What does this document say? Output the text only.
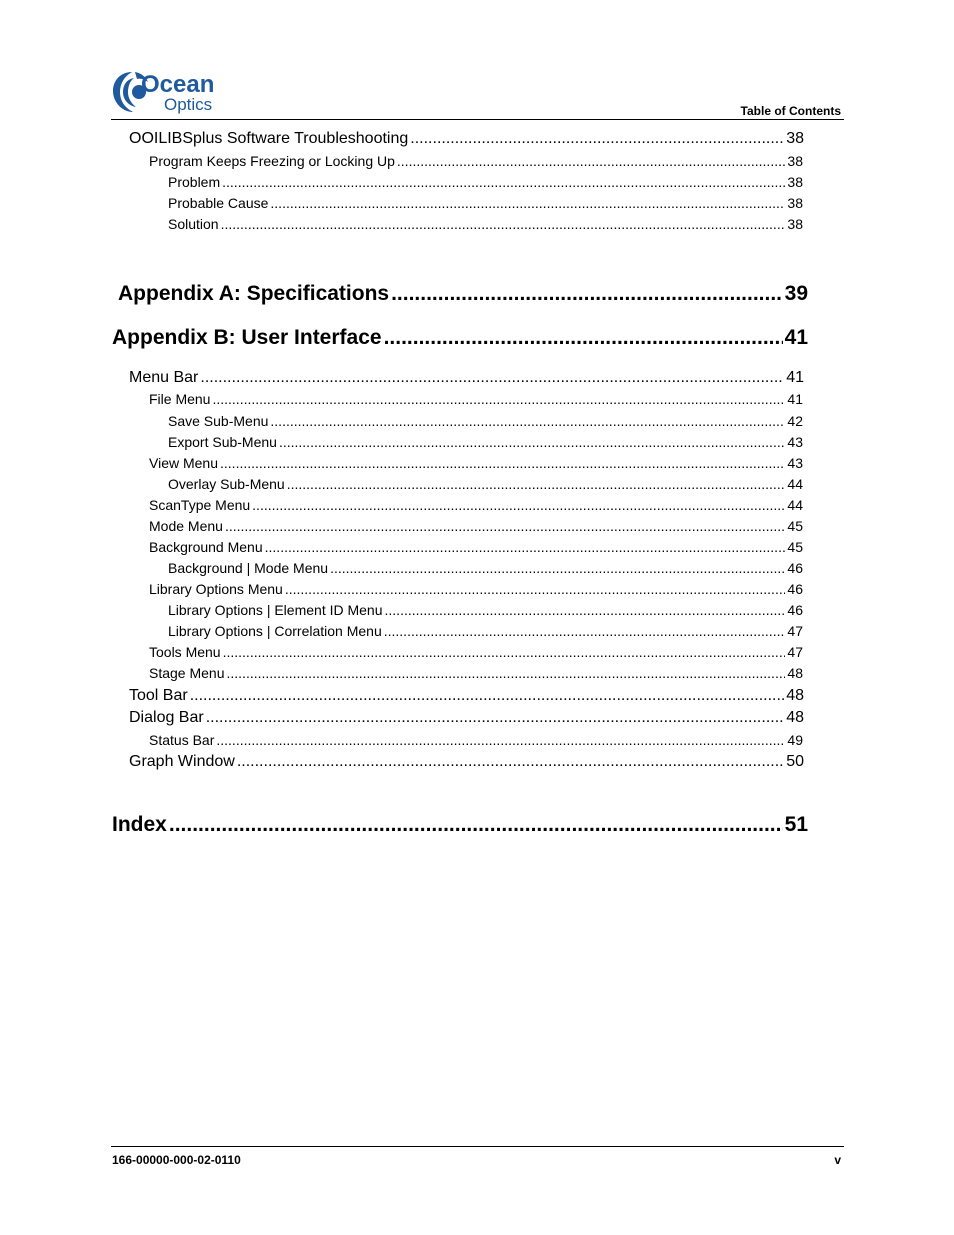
Ocean
Optics	Table of Contents
OOILIBSplus Software Troubleshooting .....	38
Program Keeps Freezing or Locking Up .....	38
Problem .....	38
Probable Cause .....	38
Solution .....	38
Appendix A: Specifications .....	39
Appendix B: User Interface .....	41
Menu Bar .....	41
File Menu .....	41
Save Sub-Menu .....	42
Export Sub-Menu .....	43
View Menu .....	43
Overlay Sub-Menu .....	44
ScanType Menu .....	44
Mode Menu .....	45
Background Menu .....	45
Background | Mode Menu .....	46
Library Options Menu .....	46
Library Options | Element ID Menu .....	46
Library Options | Correlation Menu .....	47
Tools Menu .....	47
Stage Menu .....	48
Tool Bar .....	48
Dialog Bar .....	48
Status Bar .....	49
Graph Window .....	50
Index .....	51
166-00000-000-02-0110	v
